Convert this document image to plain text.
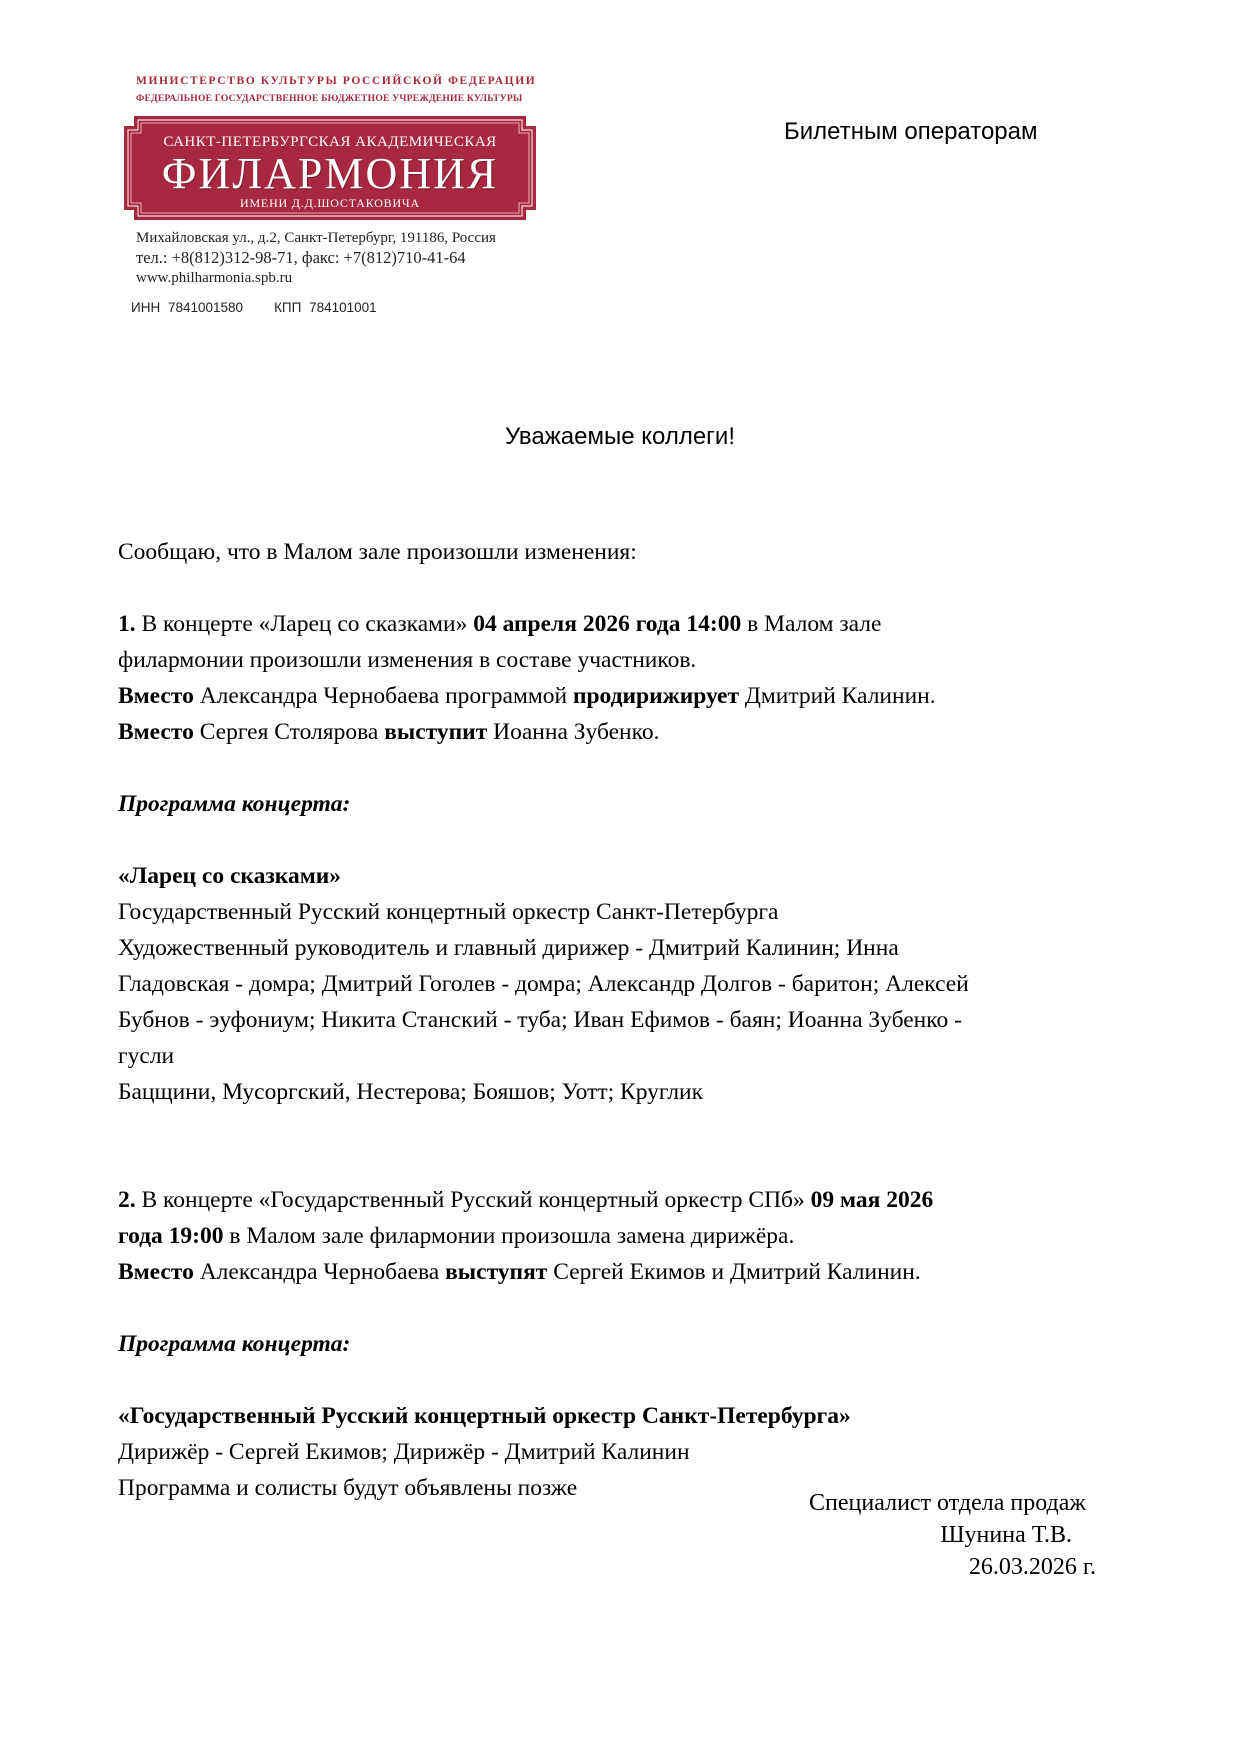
МИНИСТЕРСТВО КУЛЬТУРЫ РОССИЙСКОЙ ФЕДЕРАЦИИ
ФЕДЕРАЛЬНОЕ ГОСУДАРСТВЕННОЕ БЮДЖЕТНОЕ УЧРЕЖДЕНИЕ КУЛЬТУРЫ
САНКТ-ПЕТЕРБУРГСКАЯ АКАДЕМИЧЕСКАЯ
ФИЛАРМОНИЯ
ИМЕНИ Д.Д.ШОСТАКОВИЧА
Михайловская ул., д.2, Санкт-Петербург, 191186, Россия
тел.: +8(812)312-98-71, факс: +7(812)710-41-64
www.philharmonia.spb.ru
ИНН 7841001580 КПП 784101001
Билетным операторам
Уважаемые коллеги!

Сообщаю, что в Малом зале произошли изменения:

1. В концерте «Ларец со сказками» 04 апреля 2026 года 14:00 в Малом зале

филармонии произошли изменения в составе участников.

Вместо Александра Чернобаева программой продирижирует Дмитрий Калинин.

Вместо Сергея Столярова выступит Иоанна Зубенко.

Программа концерта:

«Ларец со сказками»

Государственный Русский концертный оркестр Санкт-Петербурга

Художественный руководитель и главный дирижер - Дмитрий Калинин; Инна

Гладовская - домра; Дмитрий Гоголев - домра; Александр Долгов - баритон; Алексей

Бубнов - эуфониум; Никита Станский - туба; Иван Ефимов - баян; Иоанна Зубенко -

гусли

Бацщини, Мусоргский, Нестерова; Бояшов; Уотт; Круглик

2. В концерте «Государственный Русский концертный оркестр СПб» 09 мая 2026

года 19:00 в Малом зале филармонии произошла замена дирижёра.

Вместо Александра Чернобаева выступят Сергей Екимов и Дмитрий Калинин.

Программа концерта:

«Государственный Русский концертный оркестр Санкт-Петербурга»

Дирижёр - Сергей Екимов; Дирижёр - Дмитрий Калинин

Программа и солисты будут объявлены позже

Специалист отдела продаж
Шунина Т.В.
26.03.2026 г.
